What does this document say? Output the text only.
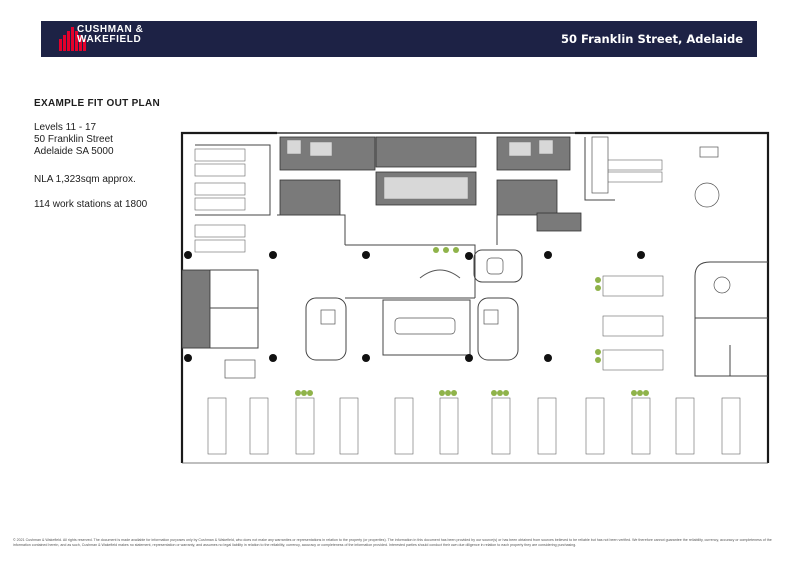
CUSHMAN &
WAKEFIELD	50 Franklin Street, Adelaide
EXAMPLE FIT OUT PLAN
Levels 11 - 17
50 Franklin Street
Adelaide SA 5000
NLA 1,323sqm approx.
114 work stations at 1800
© 2021 Cushman & Wakefield. All rights reserved. The document is made available for information purposes only by Cushman & Wakefield, who does not make any warranties or representations in relation to the property (or properties). The information in this document has been provided by our source(s) or has been obtained from sources believed to be reliable but has not been verified. We therefore cannot guarantee the reliability, currency, accuracy or completeness of the information contained herein, and as such, Cushman & Wakefield makes no statement, representation or warranty, and assumes no legal liability in relation to the reliability, currency, accuracy or completeness of the information provided. Interested parties should conduct their own due diligence in relation to each property they are considering purchasing.
